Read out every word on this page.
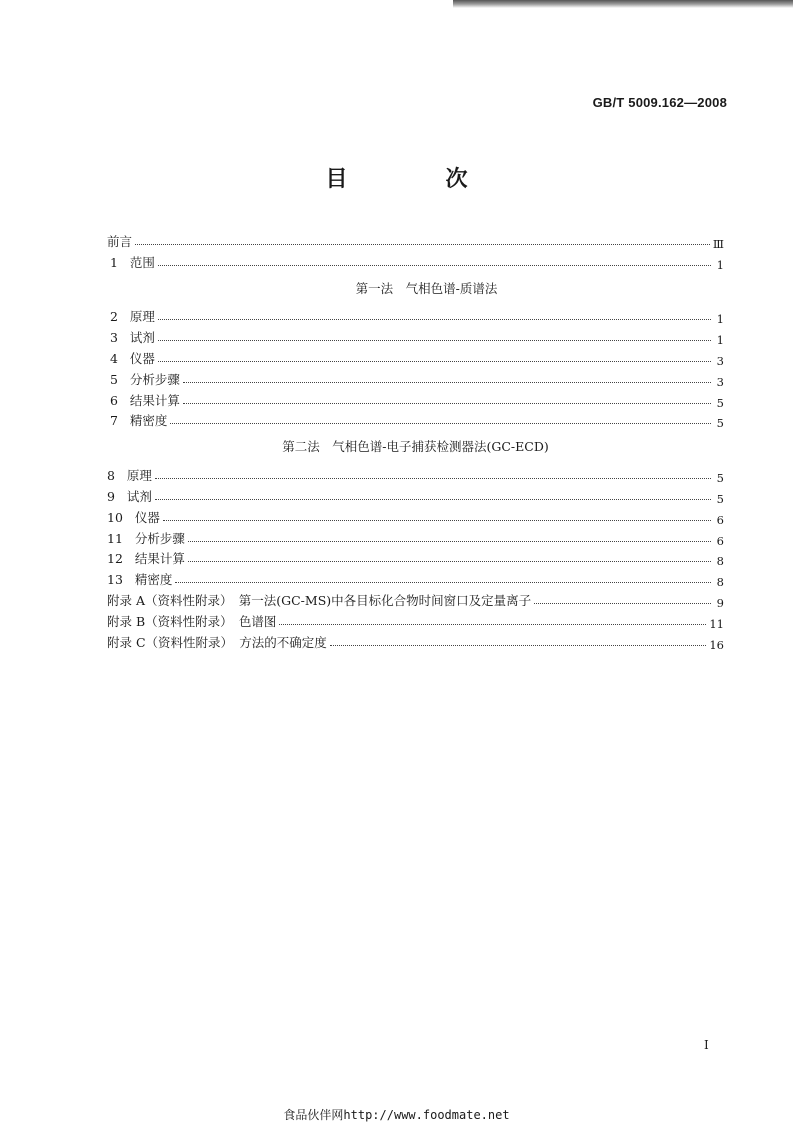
GB/T 5009.162—2008
目　次
前言	Ⅲ
1 范围	1
第一法　气相色谱-质谱法
2 原理	1
3 试剂	1
4 仪器	3
5 分析步骤	3
6 结果计算	5
7 精密度	5
第二法　气相色谱-电子捕获检测器法(GC-ECD)
8 原理	5
9 试剂	5
10 仪器	6
11 分析步骤	6
12 结果计算	8
13 精密度	8
附录 A（资料性附录）　第一法(GC-MS)中各目标化合物时间窗口及定量离子	9
附录 B（资料性附录）　色谱图	11
附录 C（资料性附录）　方法的不确定度	16
I
食品伙伴网http://www.foodmate.net
